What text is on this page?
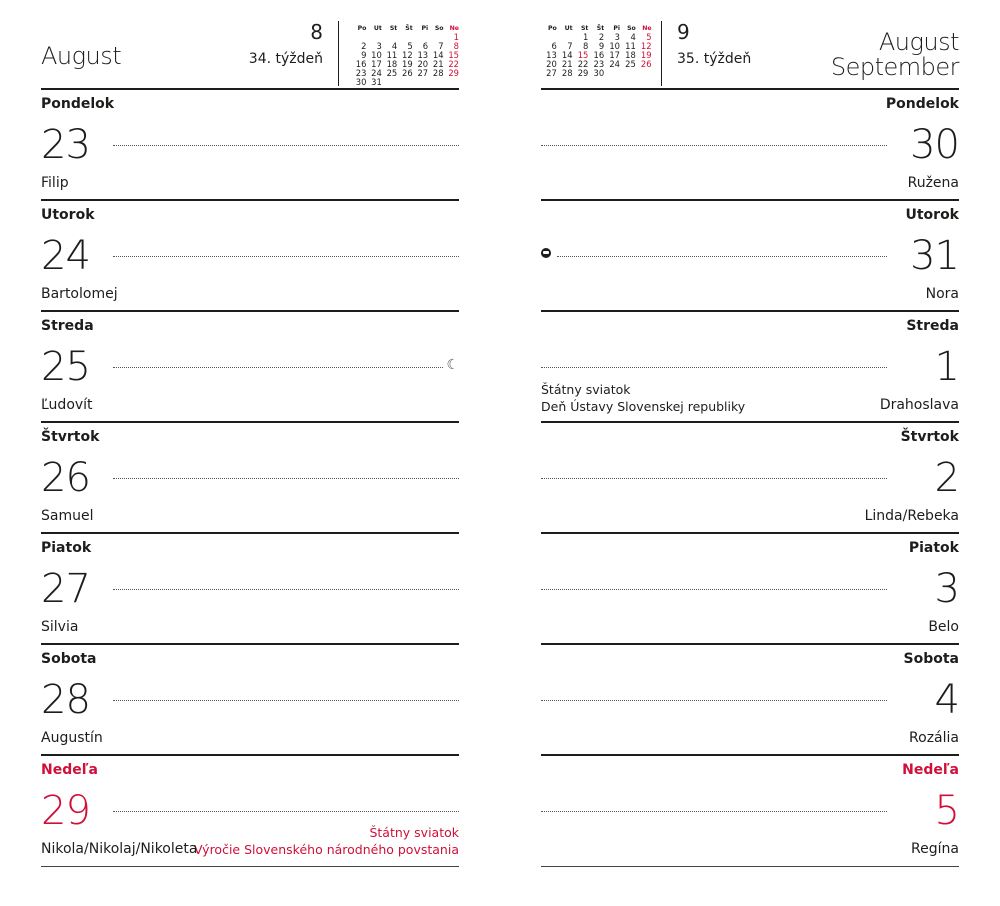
August
8
34. týždeň
Po	Ut	St	Št	Pi	So	Ne
						1
2	3	4	5	6	7	8
9	10	11	12	13	14	15
16	17	18	19	20	21	22
23	24	25	26	27	28	29
30	31					
Pondelok
23
Filip
Utorok
24
Bartolomej
Streda
25	☾
Ľudovít
Štvrtok
26
Samuel
Piatok
27
Silvia
Sobota
28
Augustín
Nedeľa
29	Štátny sviatok
Výročie Slovenského národného povstania
Nikola/Nikolaj/Nikoleta
August
September
9
35. týždeň
Po	Ut	St	Št	Pi	So	Ne
		1	2	3	4	5
6	7	8	9	10	11	12
13	14	15	16	17	18	19
20	21	22	23	24	25	26
27	28	29	30			
Pondelok
30
Ružena
Utorok
31
Nora
Streda
1
Štátny sviatok
Deň Ústavy Slovenskej republiky	Drahoslava
Štvrtok
2
Linda/Rebeka
Piatok
3
Belo
Sobota
4
Rozália
Nedeľa
5
Regína
